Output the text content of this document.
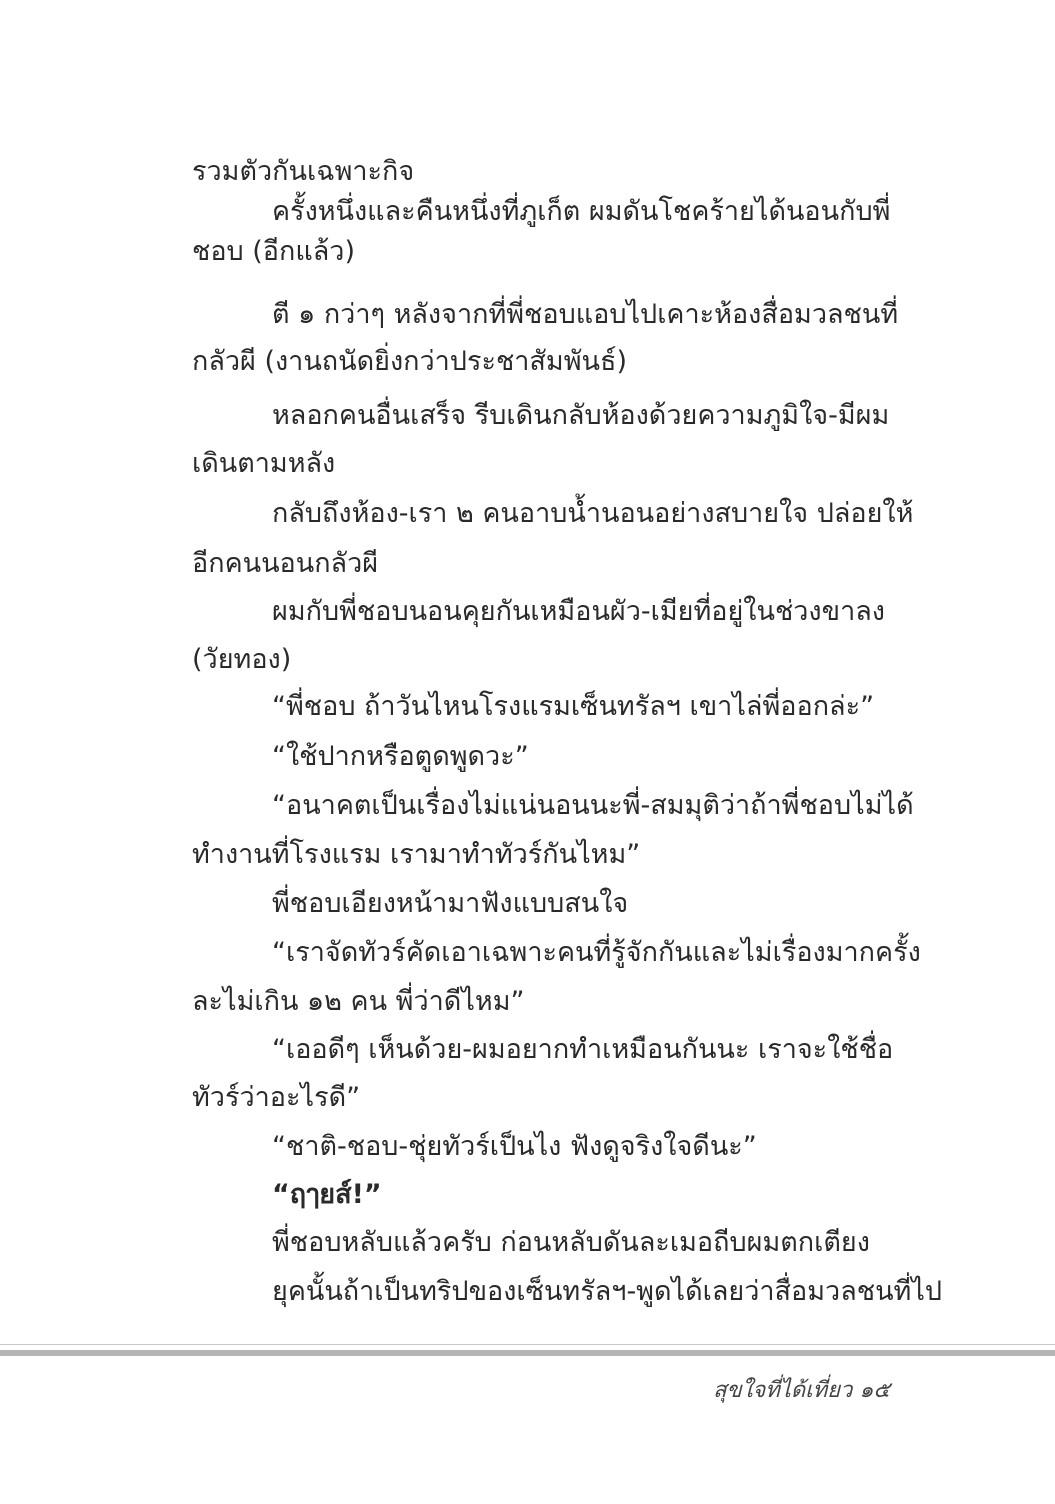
รวมตัวกันเฉพาะกิจ
ครั้งหนึ่งและคืนหนึ่งที่ภูเก็ต ผมดันโชคร้ายได้นอนกับพี่
ชอบ (อีกแล้ว)
ตี ๑ กว่าๆ หลังจากที่พี่ชอบแอบไปเคาะห้องสื่อมวลชนที่
กลัวผี (งานถนัดยิ่งกว่าประชาสัมพันธ์)
หลอกคนอื่นเสร็จ รีบเดินกลับห้องด้วยความภูมิใจ-มีผม
เดินตามหลัง
กลับถึงห้อง-เรา ๒ คนอาบน้ำนอนอย่างสบายใจ ปล่อยให้
อีกคนนอนกลัวผี
ผมกับพี่ชอบนอนคุยกันเหมือนผัว-เมียที่อยู่ในช่วงขาลง
(วัยทอง)
“พี่ชอบ ถ้าวันไหนโรงแรมเซ็นทรัลฯ เขาไล่พี่ออกล่ะ”
“ใช้ปากหรือตูดพูดวะ”
“อนาคตเป็นเรื่องไม่แน่นอนนะพี่-สมมุติว่าถ้าพี่ชอบไม่ได้
ทำงานที่โรงแรม เรามาทำทัวร์กันไหม”
พี่ชอบเอียงหน้ามาฟังแบบสนใจ
“เราจัดทัวร์คัดเอาเฉพาะคนที่รู้จักกันและไม่เรื่องมากครั้ง
ละไม่เกิน ๑๒ คน พี่ว่าดีไหม”
“เออดีๆ เห็นด้วย-ผมอยากทำเหมือนกันนะ เราจะใช้ชื่อ
ทัวร์ว่าอะไรดี”
“ชาติ-ชอบ-ชุ่ยทัวร์เป็นไง ฟังดูจริงใจดีนะ”
“ฤๅยส์!”
พี่ชอบหลับแล้วครับ ก่อนหลับดันละเมอถีบผมตกเตียง
ยุคนั้นถ้าเป็นทริปของเซ็นทรัลฯ-พูดได้เลยว่าสื่อมวลชนที่ไป
สุขใจที่ได้เที่ยว ๑๕
